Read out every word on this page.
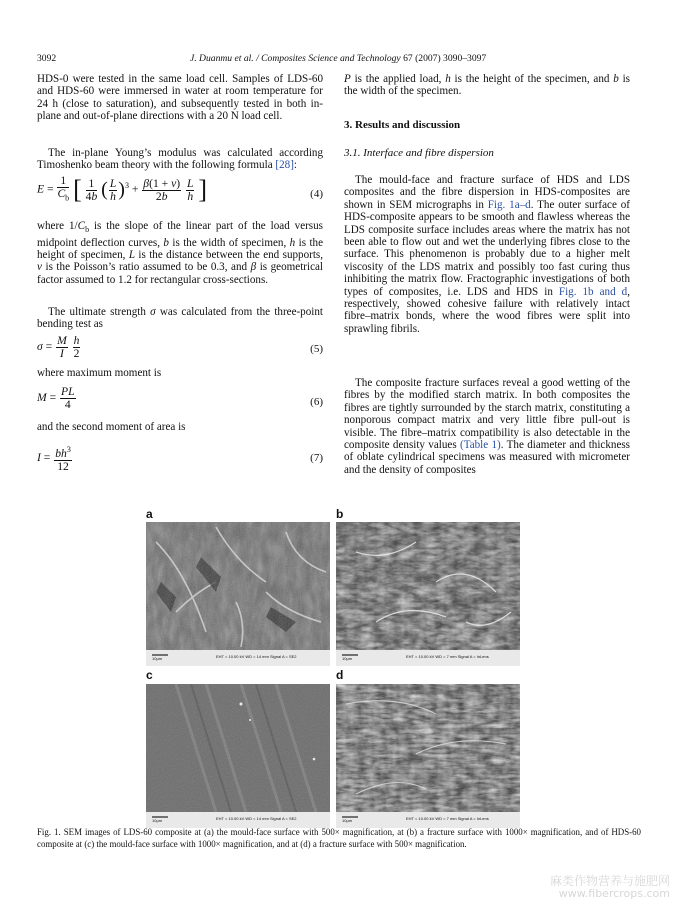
3092	J. Duanmu et al. / Composites Science and Technology 67 (2007) 3090–3097

HDS-0 were tested in the same load cell. Samples of LDS-60 and HDS-60 were immersed in water at room temperature for 24 h (close to saturation), and subsequently tested in both in-plane and out-of-plane directions with a 20 N load cell.

The in-plane Young’s modulus was calculated according Timoshenko beam theory with the following formula [28]:

$E = \frac{1}{C_b}$ [ $\frac{1}{4b}$ ( $\frac{L}{h} )^3 + \frac{\beta(1 + \nu)}{2b}$
$\frac{L}{h}$ ]	(4)

where $1/C_b$ is the slope of the linear part of the load versus midpoint deflection curves, b is the width of specimen, h is the height of specimen, L is the distance between the end supports, ν is the Poisson’s ratio assumed to be 0.3, and β is geometrical factor assumed to 1.2 for rectangular cross-sections.

The ultimate strength σ was calculated from the three-point bending test as

$\sigma = \frac{M}{I}$
$\frac{h}{2}$	(5)

where maximum moment is

$M = \frac{PL}{4}$	(6)

and the second moment of area is

$I = \frac{bh^3}{12}$	(7)

P is the applied load, h is the height of the specimen, and b is the width of the specimen.

3. Results and discussion
3.1. Interface and fibre dispersion

The mould-face and fracture surface of HDS and LDS composites and the fibre dispersion in HDS-composites are shown in SEM micrographs in Fig. 1a–d. The outer surface of HDS-composite appears to be smooth and flawless whereas the LDS composite surface includes areas where the matrix has not been able to flow out and wet the underlying fibres close to the surface. This phenomenon is probably due to a higher melt viscosity of the LDS matrix and possibly too fast curing thus inhibiting the matrix flow. Fractographic investigations of both types of composites, i.e. LDS and HDS in Fig. 1b and d, respectively, showed cohesive failure with relatively intact fibre–matrix bonds, where the wood fibres were split into sprawling fibrils.

The composite fracture surfaces reveal a good wetting of the fibres by the modified starch matrix. In both composites the fibres are tightly surrounded by the starch matrix, constituting a nonporous compact matrix and very little fibre pull-out is visible. The fibre–matrix compatibility is also detectable in the composite density values (Table 1). The diameter and thickness of oblate cylindrical specimens was measured with micrometer and the density of composites

a	b
c	d
10μm	EHT = 10.00 kV WD = 14 mm Signal A = SE2	10μm	EHT = 10.00 kV WD = 7 mm Signal A = InLens
10μm	EHT = 10.00 kV WD = 14 mm Signal A = SE2	10μm	EHT = 10.00 kV WD = 7 mm Signal A = InLens
Fig. 1. SEM images of LDS-60 composite at (a) the mould-face surface with 500× magnification, at (b) a fracture surface with 1000× magnification, and of HDS-60 composite at (c) the mould-face surface with 1000× magnification, and at (d) a fracture surface with 500× magnification.
麻类作物营养与施肥网
www.fibercrops.com
